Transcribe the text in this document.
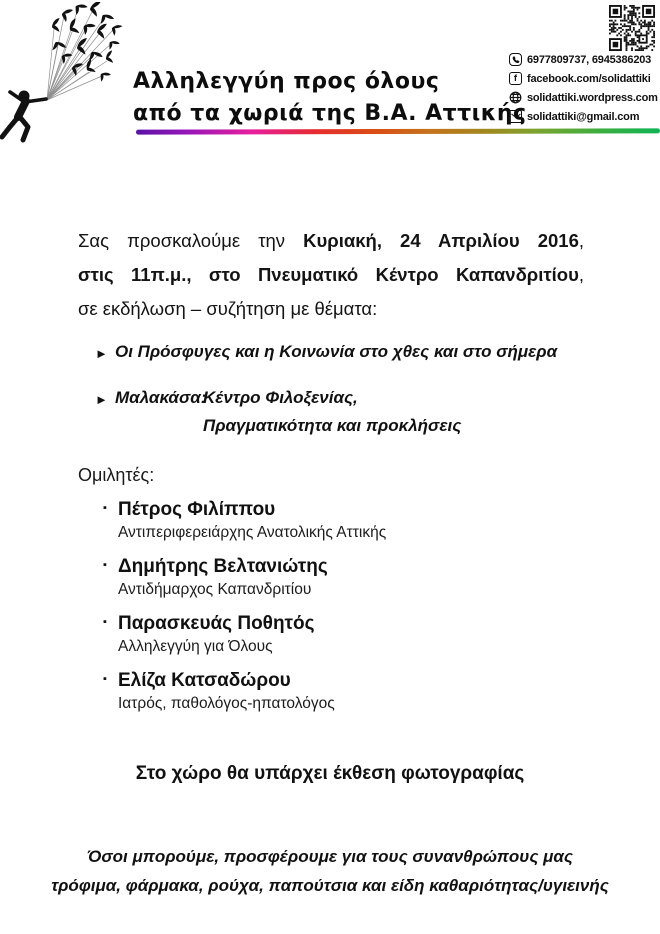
Αλληλεγγύη προς όλους
από τα χωριά της Β.Α. Αττικής
6977809737, 6945386203
f facebook.com/solidattiki
solidattiki.wordpress.com
solidattiki@gmail.com
Σας προσκαλούμε την Κυριακή, 24 Απριλίου 2016,
στις 11π.μ., στο Πνευματικό Κέντρο Καπανδριτίου,
σε εκδήλωση – συζήτηση με θέματα:
► Οι Πρόσφυγες και η Κοινωνία στο χθες και στο σήμερα
► Μαλακάσα:
Κέντρο Φιλοξενίας,
Πραγματικότητα και προκλήσεις
Ομιλητές:
▪ Πέτρος Φιλίππου
Αντιπεριφερειάρχης Ανατολικής Αττικής
▪ Δημήτρης Βελτανιώτης
Αντιδήμαρχος Καπανδριτίου
▪ Παρασκευάς Ποθητός
Αλληλεγγύη για Όλους
▪ Ελίζα Κατσαδώρου
Ιατρός, παθολόγος-ηπατολόγος
Στο χώρο θα υπάρχει έκθεση φωτογραφίας
Όσοι μπορούμε, προσφέρουμε για τους συνανθρώπους μας
τρόφιμα, φάρμακα, ρούχα, παπούτσια και είδη καθαριότητας/υγιεινής
